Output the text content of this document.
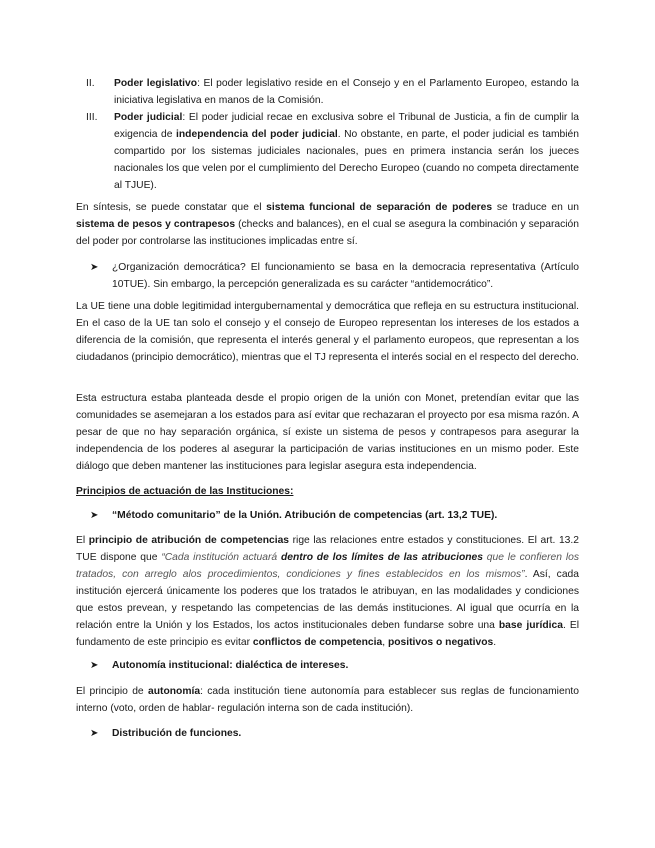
II.	Poder legislativo: El poder legislativo reside en el Consejo y en el Parlamento Europeo, estando la iniciativa legislativa en manos de la Comisión.

III.	Poder judicial: El poder judicial recae en exclusiva sobre el Tribunal de Justicia, a fin de cumplir la exigencia de independencia del poder judicial. No obstante, en parte, el poder judicial es también compartido por los sistemas judiciales nacionales, pues en primera instancia serán los jueces nacionales los que velen por el cumplimiento del Derecho Europeo (cuando no competa directamente al TJUE).

En síntesis, se puede constatar que el sistema funcional de separación de poderes se traduce en un sistema de pesos y contrapesos (checks and balances), en el cual se asegura la combinación y separación del poder por controlarse las instituciones implicadas entre sí.

➤ ¿Organización democrática? El funcionamiento se basa en la democracia representativa (Artículo 10TUE). Sin embargo, la percepción generalizada es su carácter “antidemocrático”.

La UE tiene una doble legitimidad intergubernamental y democrática que refleja en su estructura institucional. En el caso de la UE tan solo el consejo y el consejo de Europeo representan los intereses de los estados a diferencia de la comisión, que representa el interés general y el parlamento europeos, que representan a los ciudadanos (principio democrático), mientras que el TJ representa el interés social en el respecto del derecho.

Esta estructura estaba planteada desde el propio origen de la unión con Monet, pretendían evitar que las comunidades se asemejaran a los estados para así evitar que rechazaran el proyecto por esa misma razón. A pesar de que no hay separación orgánica, sí existe un sistema de pesos y contrapesos para asegurar la independencia de los poderes al asegurar la participación de varias instituciones en un mismo poder. Este diálogo que deben mantener las instituciones para legislar asegura esta independencia.

Principios de actuación de las Instituciones:

➤ “Método comunitario” de la Unión. Atribución de competencias (art. 13,2 TUE).

El principio de atribución de competencias rige las relaciones entre estados y constituciones. El art. 13.2 TUE dispone que “Cada institución actuará dentro de los límites de las atribuciones que le confieren los tratados, con arreglo alos procedimientos, condiciones y fines establecidos en los mismos”. Así, cada institución ejercerá únicamente los poderes que los tratados le atribuyan, en las modalidades y condiciones que estos prevean, y respetando las competencias de las demás instituciones. Al igual que ocurría en la relación entre la Unión y los Estados, los actos institucionales deben fundarse sobre una base jurídica. El fundamento de este principio es evitar conflictos de competencia, positivos o negativos.

➤ Autonomía institucional: dialéctica de intereses.

El principio de autonomía: cada institución tiene autonomía para establecer sus reglas de funcionamiento interno (voto, orden de hablar- regulación interna son de cada institución).

➤ Distribución de funciones.
